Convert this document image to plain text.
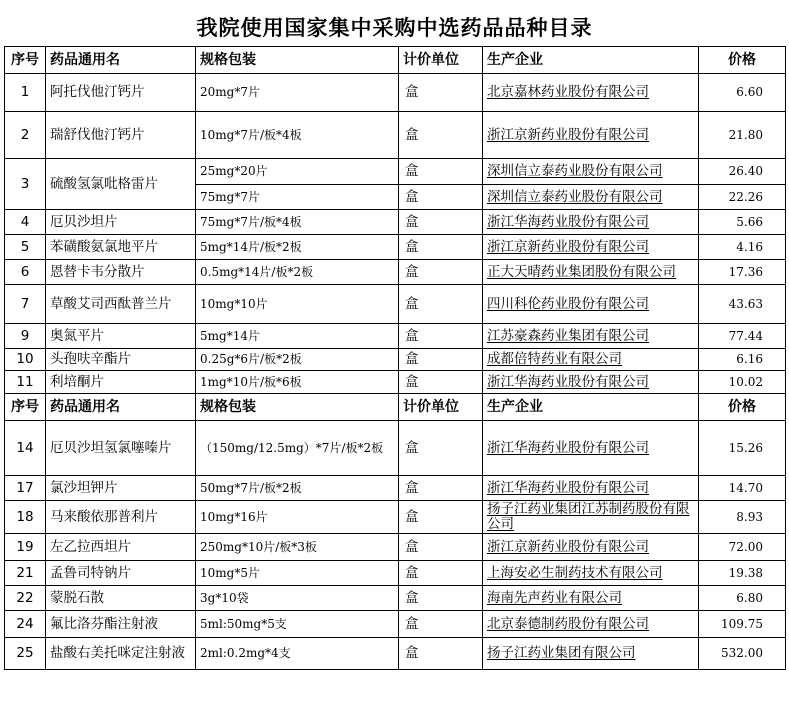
我院使用国家集中采购中选药品品种目录
序号	药品通用名	规格包装	计价单位	生产企业	价格
1	阿托伐他汀钙片	20mg*7片	盒	北京嘉林药业股份有限公司	6.60
2	瑞舒伐他汀钙片	10mg*7片/板*4板	盒	浙江京新药业股份有限公司	21.80
3	硫酸氢氯吡格雷片	25mg*20片	盒	深圳信立泰药业股份有限公司	26.40
		75mg*7片	盒	深圳信立泰药业股份有限公司	22.26
4	厄贝沙坦片	75mg*7片/板*4板	盒	浙江华海药业股份有限公司	5.66
5	苯磺酸氨氯地平片	5mg*14片/板*2板	盒	浙江京新药业股份有限公司	4.16
6	恩替卡韦分散片	0.5mg*14片/板*2板	盒	正大天晴药业集团股份有限公司	17.36
7	草酸艾司西酞普兰片	10mg*10片	盒	四川科伦药业股份有限公司	43.63
9	奥氮平片	5mg*14片	盒	江苏豪森药业集团有限公司	77.44
10	头孢呋辛酯片	0.25g*6片/板*2板	盒	成都倍特药业有限公司	6.16
11	利培酮片	1mg*10片/板*6板	盒	浙江华海药业股份有限公司	10.02
序号	药品通用名	规格包装	计价单位	生产企业	价格
14	厄贝沙坦氢氯噻嗪片	（150mg/12.5mg）*7片/板*2板	盒	浙江华海药业股份有限公司	15.26
17	氯沙坦钾片	50mg*7片/板*2板	盒	浙江华海药业股份有限公司	14.70
18	马来酸依那普利片	10mg*16片	盒	扬子江药业集团江苏制药股份有限公司	8.93
19	左乙拉西坦片	250mg*10片/板*3板	盒	浙江京新药业股份有限公司	72.00
21	孟鲁司特钠片	10mg*5片	盒	上海安必生制药技术有限公司	19.38
22	蒙脱石散	3g*10袋	盒	海南先声药业有限公司	6.80
24	氟比洛芬酯注射液	5ml:50mg*5支	盒	北京泰德制药股份有限公司	109.75
25	盐酸右美托咪定注射液	2ml:0.2mg*4支	盒	扬子江药业集团有限公司	532.00
